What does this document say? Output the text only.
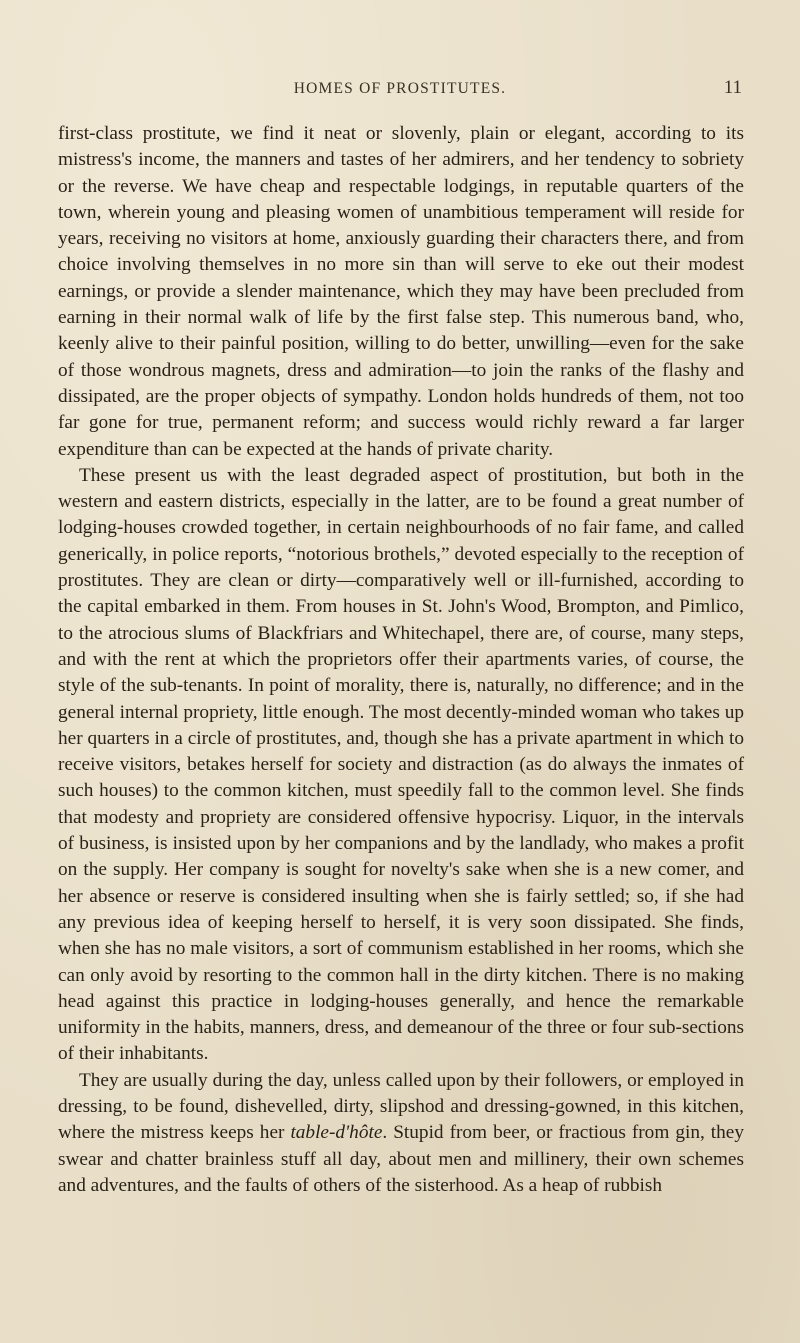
HOMES OF PROSTITUTES.	11

first-class prostitute, we find it neat or slovenly, plain or elegant, according to its mistress's income, the manners and tastes of her admirers, and her tendency to sobriety or the reverse. We have cheap and respectable lodgings, in reputable quarters of the town, wherein young and pleasing women of unambitious temperament will reside for years, receiving no visitors at home, anxiously guarding their characters there, and from choice involving themselves in no more sin than will serve to eke out their modest earnings, or provide a slender maintenance, which they may have been precluded from earning in their normal walk of life by the first false step. This numerous band, who, keenly alive to their painful position, willing to do better, unwilling—even for the sake of those wondrous magnets, dress and admiration—to join the ranks of the flashy and dissipated, are the proper objects of sympathy. London holds hundreds of them, not too far gone for true, permanent reform; and success would richly reward a far larger expenditure than can be expected at the hands of private charity.

These present us with the least degraded aspect of prostitution, but both in the western and eastern districts, especially in the latter, are to be found a great number of lodging-houses crowded together, in certain neighbourhoods of no fair fame, and called generically, in police reports, “notorious brothels,” devoted especially to the reception of prostitutes. They are clean or dirty—comparatively well or ill-furnished, according to the capital embarked in them. From houses in St. John's Wood, Brompton, and Pimlico, to the atrocious slums of Blackfriars and Whitechapel, there are, of course, many steps, and with the rent at which the proprietors offer their apartments varies, of course, the style of the sub-tenants. In point of morality, there is, naturally, no difference; and in the general internal propriety, little enough. The most decently-minded woman who takes up her quarters in a circle of prostitutes, and, though she has a private apartment in which to receive visitors, betakes herself for society and distraction (as do always the inmates of such houses) to the common kitchen, must speedily fall to the common level. She finds that modesty and propriety are considered offensive hypocrisy. Liquor, in the intervals of business, is insisted upon by her companions and by the landlady, who makes a profit on the supply. Her company is sought for novelty's sake when she is a new comer, and her absence or reserve is considered insulting when she is fairly settled; so, if she had any previous idea of keeping herself to herself, it is very soon dissipated. She finds, when she has no male visitors, a sort of communism established in her rooms, which she can only avoid by resorting to the common hall in the dirty kitchen. There is no making head against this practice in lodging-houses generally, and hence the remarkable uniformity in the habits, manners, dress, and demeanour of the three or four sub-sections of their inhabitants.

They are usually during the day, unless called upon by their followers, or employed in dressing, to be found, dishevelled, dirty, slipshod and dressing-gowned, in this kitchen, where the mistress keeps her table-d'hôte. Stupid from beer, or fractious from gin, they swear and chatter brainless stuff all day, about men and millinery, their own schemes and adventures, and the faults of others of the sisterhood. As a heap of rubbish
